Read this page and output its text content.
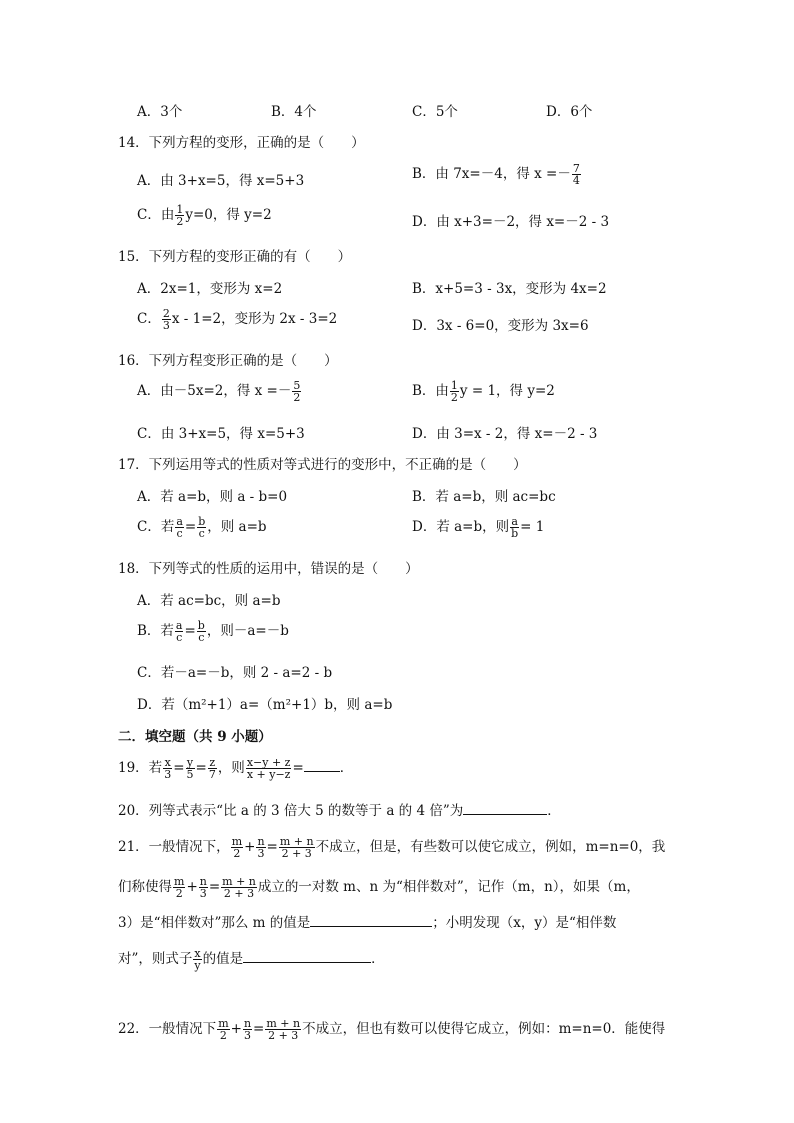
A．3个	B．4个	C．5个	D．6个
14．下列方程的变形，正确的是（　　）
A．由 3+x=5，得 x=5+3	B．由 7x=－4，得 $x =- \frac{7}{4}$
C．由 $\frac{1}{2} y=0$，得 y=2	D．由 x+3=－2，得 x=－2 - 3
15．下列方程的变形正确的有（　　）
A．2x=1，变形为 x=2	B．x+5=3 - 3x，变形为 4x=2
C． $\frac{2}{3}$ x - 1=2，变形为 2x - 3=2	D．3x - 6=0，变形为 3x=6
16．下列方程变形正确的是（　　）
A．由－5x=2，得 $x =- \frac{5}{2}$	B．由 $\frac{1}{2}$ y = 1，得 y=2
C．由 3+x=5，得 x=5+3	D．由 3=x - 2，得 x=－2 - 3
17．下列运用等式的性质对等式进行的变形中，不正确的是（　　）
A．若 a=b，则 a - b=0	B．若 a=b，则 ac=bc
C．若 $\frac{a}{c} = \frac{b}{c}$ ，则 a=b	D．若 a=b，则 $\frac{a}{b} = 1$
18．下列等式的性质的运用中，错误的是（　　）
A．若 ac=bc，则 a=b
B．若 $\frac{a}{c} = \frac{b}{c}$ ，则－a=－b
C．若－a=－b，则 2 - a=2 - b
D．若（m²+1）a=（m²+1）b，则 a=b
二．填空题（共 9 小题）
19．若 $\frac{x}{3} = \frac{y}{5} = \frac{z}{7}$ ，则 $\frac{x-y + z}{x + y-z}$ =	．
20．列等式表示“比 a 的 3 倍大 5 的数等于 a 的 4 倍”为	．
21．一般情况下， $\frac{m}{2} + \frac{n}{3} = \frac{m + n}{2 + 3}$ 不成立，但是，有些数可以使它成立，例如，m=n=0，我
们称使得 $\frac{m}{2} + \frac{n}{3} = \frac{m + n}{2 + 3}$ 成立的一对数 m、n 为“相伴数对”，记作（m，n），如果（m，
3）是“相伴数对”那么 m 的值是	；小明发现（x，y）是“相伴数
对”，则式子 $\frac{x}{y}$ 的值是	．
22．一般情况下 $\frac{m}{2} + \frac{n}{3} = \frac{m + n}{2 + 3}$ 不成立，但也有数可以使得它成立，例如：m=n=0．能使得
